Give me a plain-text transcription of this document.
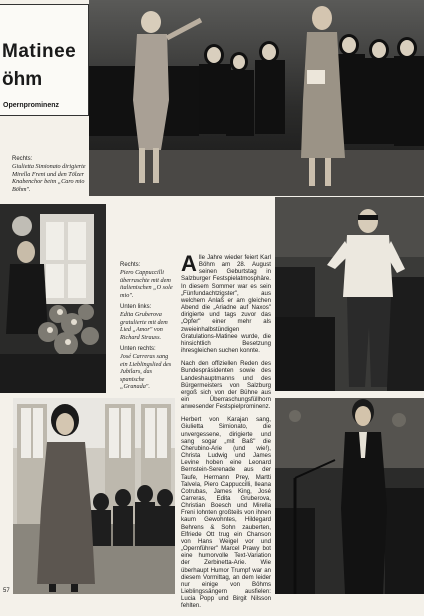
Matinee
öhm
Opernprominenz
Rechts:
Giulietta Simionato dirigierte Mirella Freni und den Tölzer Knabenchor beim „Caro mio Böhm".
Rechts:
Piero Cappuccilli überraschte mit dem italienischen „O sole mio".
Unten links:
Edita Gruberova gratulierte mit dem Lied „Amor" von Richard Strauss.
Unten rechts:
José Carreras sang ein Lieblingslied des Jubilars, das spanische „Granada".

Alle Jahre wieder feiert Karl Böhm am 28. August seinen Geburtstag in Salzburger Festspielatmosphäre. In diesem Sommer war es sein „Fünfundachtzigster", aus welchem Anlaß er am gleichen Abend die „Ariadne auf Naxos" dirigierte und tags zuvor das „Opfer" einer mehr als zweieinhalbstündigen Gratulations-Matinee wurde, die hinsichtlich Besetzung ihresgleichen suchen konnte.

Nach den offiziellen Reden des Bundespräsidenten sowie des Landeshauptmanns und des Bürgermeisters von Salzburg ergoß sich von der Bühne aus ein Überraschungsfüllhorn anwesender Festspielprominenz.

Herbert von Karajan sang, Giulietta Simionato, die unvergessene, dirigierte und sang sogar „mit Baß" die Cherubino-Arie (und wie!), Christa Ludwig und James Levine hoben eine Leonard Bernstein-Serenade aus der Taufe, Hermann Prey, Martti Talvela, Piero Cappuccilli, Ileana Cotrubas, James King, José Carreras, Edita Gruberova, Christian Boesch und Mirella Freni lohnten großteils von ihnen kaum Gewohntes, Hildegard Behrens & Sohn zauberten, Elfriede Ott trug ein Chanson von Hans Weigel vor und „Opernführer" Marcel Prawy bot eine humorvolle Text-Variation der Zerbinetta-Arie. Wie überhaupt Humor Trumpf war an diesem Vormittag, an dem leider nur einige von Böhms Lieblingssängern ausfielen: Lucia Popp und Birgit Nilsson fehlten.

57
